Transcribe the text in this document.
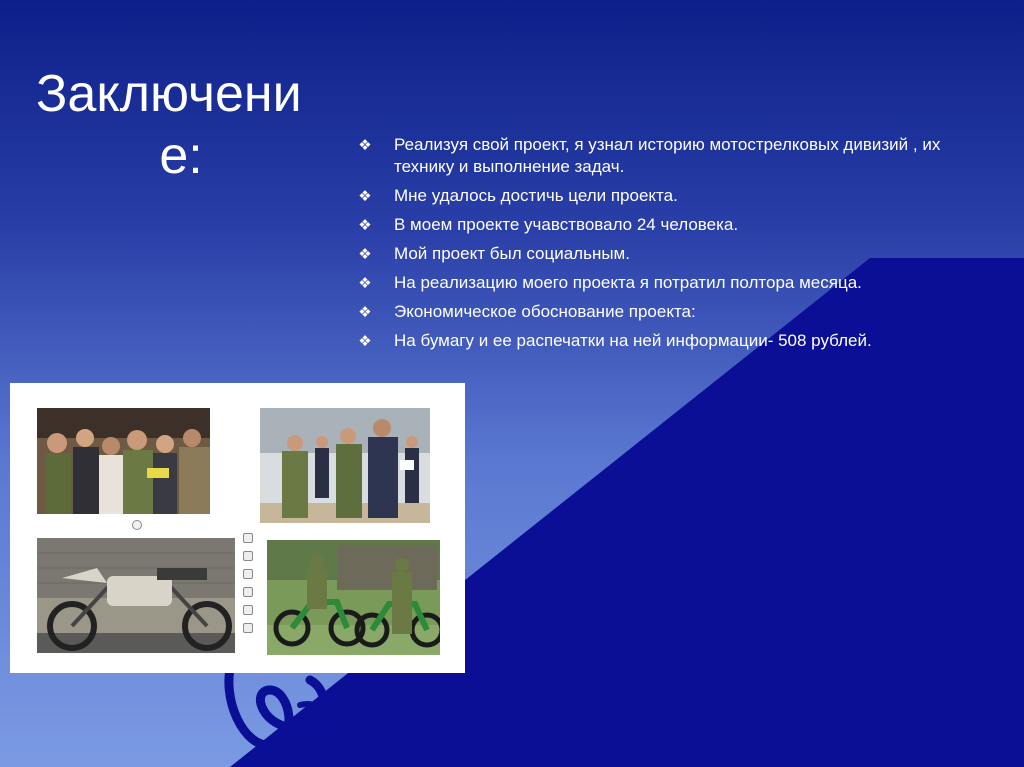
Заключени
е:	❖ Реализуя свой проект, я узнал историю мотострелковых дивизий , их технику и выполнение задач.
❖ Мне удалось достичь цели проекта.
❖ В моем проекте учавствовало 24 человека.
❖ Мой проект был социальным.
❖ На реализацию моего проекта я потратил полтора месяца.
❖ Экономическое обоснование проекта:
❖ На бумагу и ее распечатки на ней информации- 508 рублей.
